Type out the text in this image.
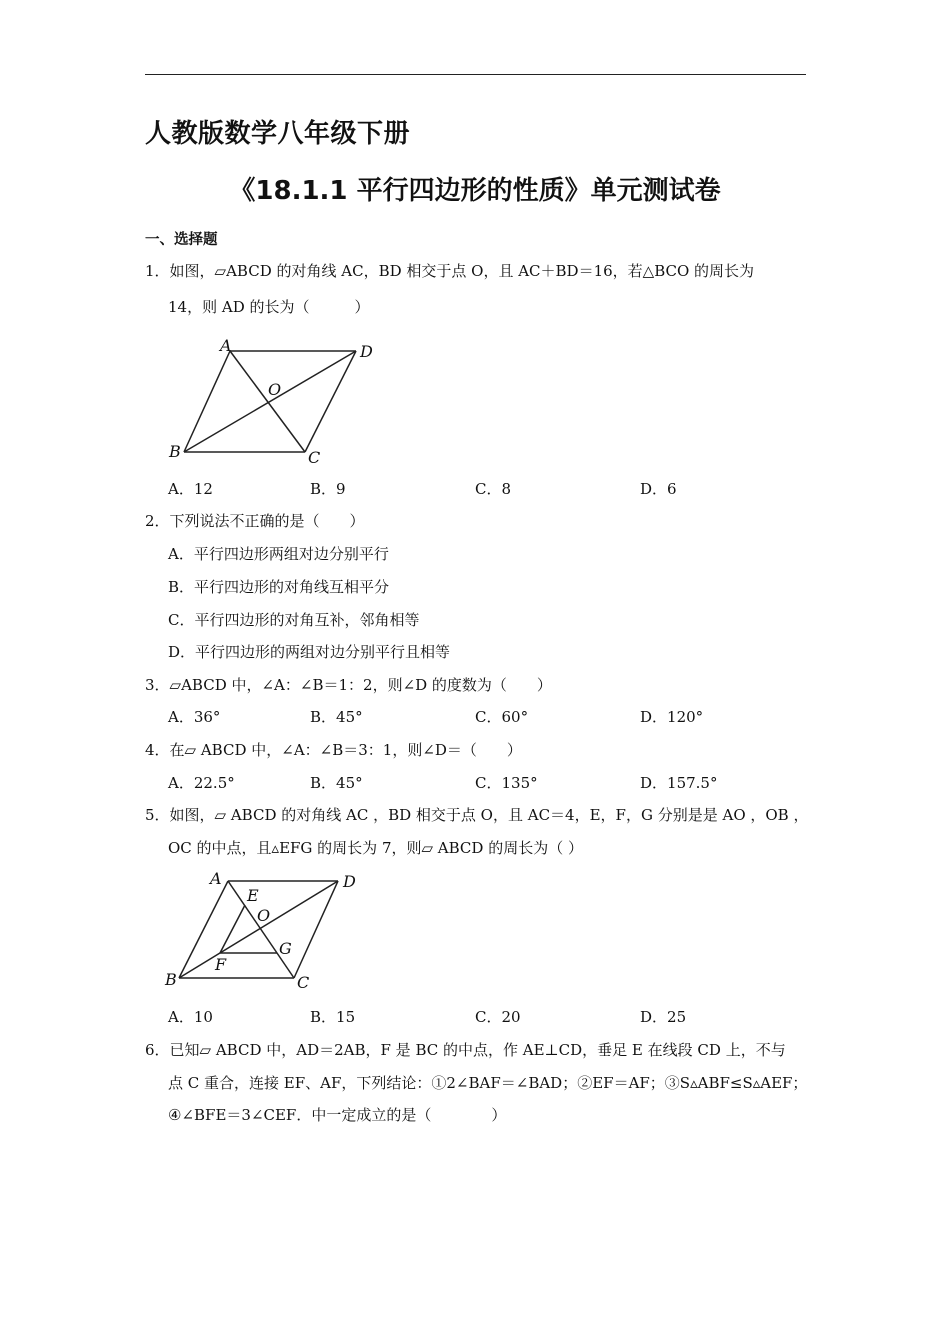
人教版数学八年级下册
《18.1.1 平行四边形的性质》单元测试卷
一、选择题
1．如图，▱ABCD 的对角线 AC，BD 相交于点 O，且 AC＋BD＝16，若△BCO 的周长为
14，则 AD 的长为（　　　）
A	D
O
B	C
A．12	B．9	C．8	D．6
2．下列说法不正确的是（　　）
A．平行四边形两组对边分别平行
B．平行四边形的对角线互相平分
C．平行四边形的对角互补，邻角相等
D．平行四边形的两组对边分别平行且相等
3．▱ABCD 中，∠A：∠B＝1：2，则∠D 的度数为（　　）
A．36°	B．45°	C．60°	D．120°
4．在▱ ABCD 中，∠A：∠B＝3：1，则∠D＝（　　）
A．22.5°	B．45°	C．135°	D．157.5°
5．如图，▱ ABCD 的对角线 AC ，BD 相交于点 O，且 AC＝4，E，F，G 分别是是 AO ，OB ，
OC 的中点，且▵EFG 的周长为 7，则▱ ABCD 的周长为（ ）
A	D
E
O
G
F
B	C
A．10	B．15	C．20	D．25
6．已知▱ ABCD 中，AD＝2AB，F 是 BC 的中点，作 AE⊥CD，垂足 E 在线段 CD 上，不与
点 C 重合，连接 EF、AF，下列结论：①2∠BAF＝∠BAD；②EF＝AF；③S▵ABF≤S▵AEF；
④∠BFE＝3∠CEF．中一定成立的是（　　　　）
